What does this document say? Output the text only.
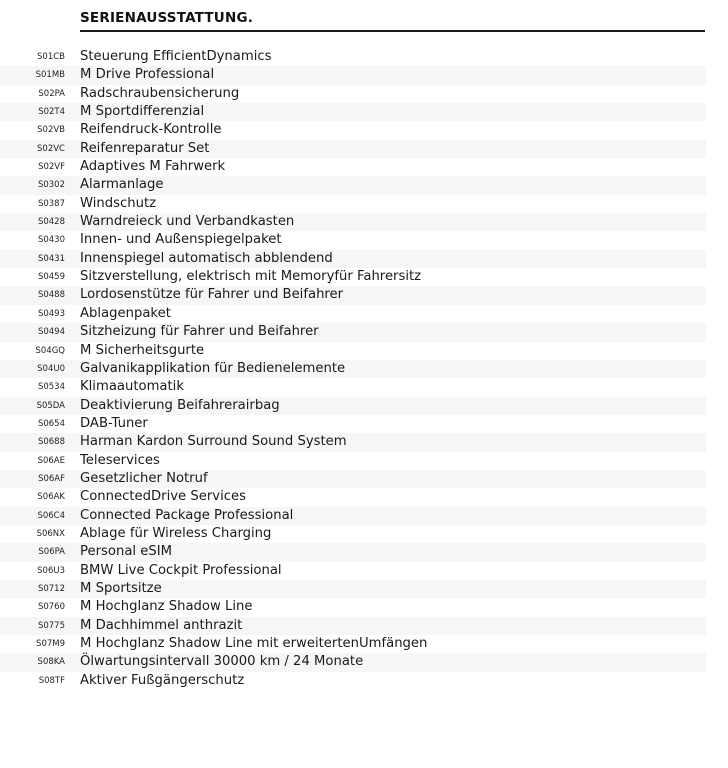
SERIENAUSSTATTUNG.
S01CB Steuerung EfficientDynamics
S01MB M Drive Professional
S02PA Radschraubensicherung
S02T4 M Sportdifferenzial
S02VB Reifendruck-Kontrolle
S02VC Reifenreparatur Set
S02VF Adaptives M Fahrwerk
S0302 Alarmanlage
S0387 Windschutz
S0428 Warndreieck und Verbandkasten
S0430 Innen- und Außenspiegelpaket
S0431 Innenspiegel automatisch abblendend
S0459 Sitzverstellung, elektrisch mit Memoryfür Fahrersitz
S0488 Lordosenstütze für Fahrer und Beifahrer
S0493 Ablagenpaket
S0494 Sitzheizung für Fahrer und Beifahrer
S04GQ M Sicherheitsgurte
S04U0 Galvanikapplikation für Bedienelemente
S0534 Klimaautomatik
S05DA Deaktivierung Beifahrerairbag
S0654 DAB-Tuner
S0688 Harman Kardon Surround Sound System
S06AE Teleservices
S06AF Gesetzlicher Notruf
S06AK ConnectedDrive Services
S06C4 Connected Package Professional
S06NX Ablage für Wireless Charging
S06PA Personal eSIM
S06U3 BMW Live Cockpit Professional
S0712 M Sportsitze
S0760 M Hochglanz Shadow Line
S0775 M Dachhimmel anthrazit
S07M9 M Hochglanz Shadow Line mit erweitertenUmfängen
S08KA Ölwartungsintervall 30000 km / 24 Monate
S08TF Aktiver Fußgängerschutz
